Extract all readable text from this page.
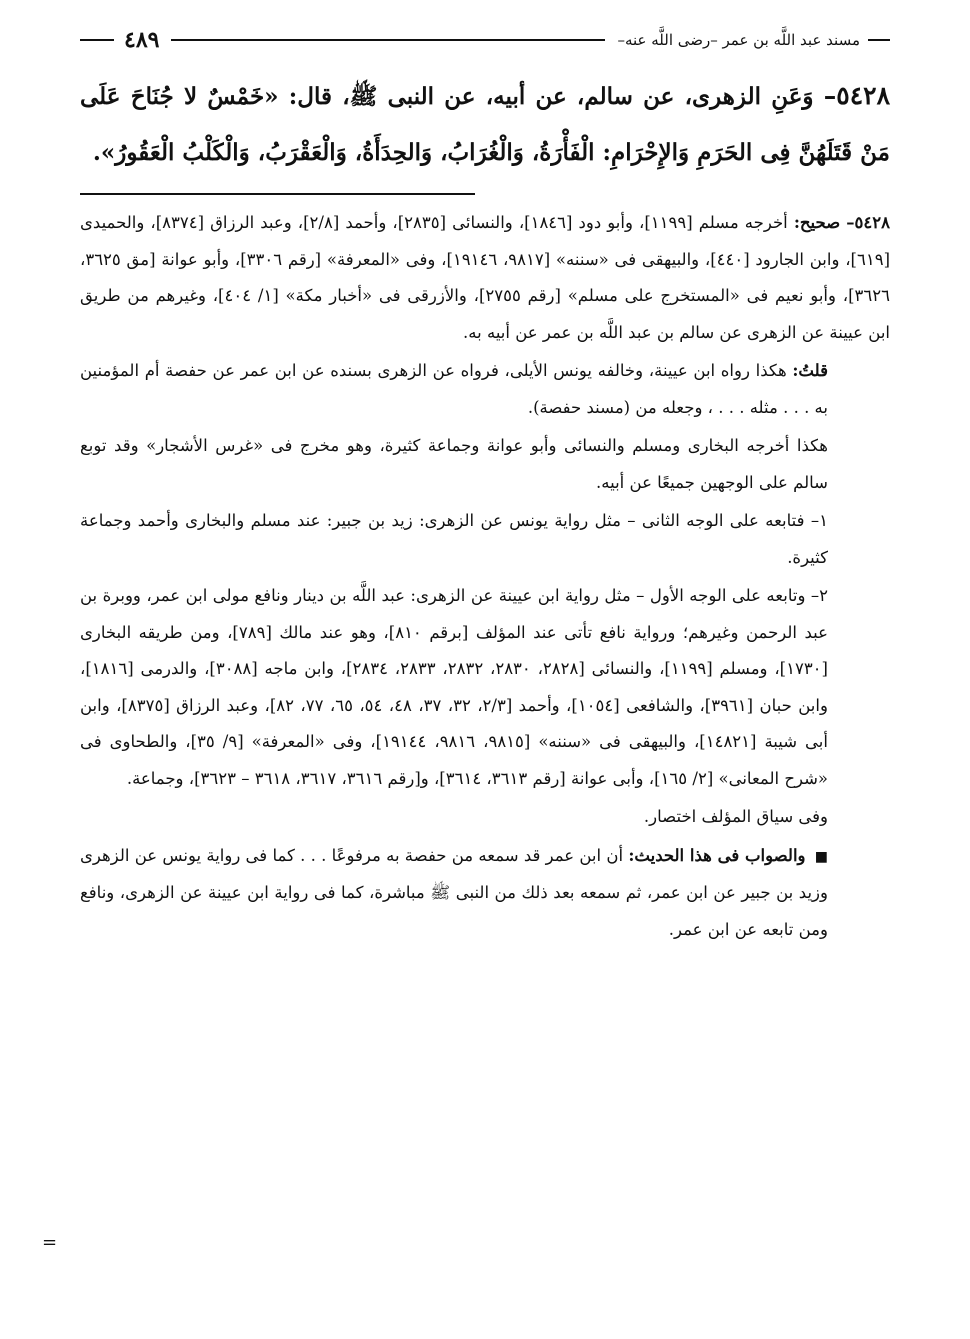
مسند عبد اللَّه بن عمر –رضى اللَّه عنه–
٤٨٩
٥٤٢٨– وَعَنِ الزهرى، عن سالم، عن أبيه، عن النبى ﷺ، قال: «خَمْسٌ لا جُنَاحَ عَلَى مَنْ قَتَلَهُنَّ فِى الحَرَمِ وَالإِحْرَامِ: الْفَأْرَةُ، وَالْغُرَابُ، وَالحِدَأَةُ، وَالْعَقْرَبُ، وَالْكَلْبُ الْعَقُورُ».

٥٤٢٨– صحيح: أخرجه مسلم [١١٩٩]، وأبو دود [١٨٤٦]، والنسائى [٢٨٣٥]، وأحمد [٢/٨]، وعبد الرزاق [٨٣٧٤]، والحميدى [٦١٩]، وابن الجارود [٤٤٠]، والبيهقى فى «سننه» [٩٨١٧، ١٩١٤٦]، وفى «المعرفة» [رقم ٣٣٠٦]، وأبو عوانة [مق ٣٦٢٥، ٣٦٢٦]، وأبو نعيم فى «المستخرج على مسلم» [رقم ٢٧٥٥]، والأزرقى فى «أخبار مكة» [١/ ٤٠٤]، وغيرهم من طريق ابن عيينة عن الزهرى عن سالم بن عبد اللَّه بن عمر عن أبيه به.

قلتُ: هكذا رواه ابن عيينة، وخالفه يونس الأيلى، فرواه عن الزهرى بسنده عن ابن عمر عن حفصة أم المؤمنين به . . . مثله . . . ، وجعله من (مسند حفصة).

هكذا أخرجه البخارى ومسلم والنسائى وأبو عوانة وجماعة كثيرة، وهو مخرج فى «غرس الأشجار» وقد توبع سالم على الوجهين جميعًا عن أبيه.

١– فتابعه على الوجه الثانى – مثل رواية يونس عن الزهرى: زيد بن جبير: عند مسلم والبخارى وأحمد وجماعة كثيرة.

٢– وتابعه على الوجه الأول – مثل رواية ابن عيينة عن الزهرى: عبد اللَّه بن دينار ونافع مولى ابن عمر، ووبرة بن عبد الرحمن وغيرهم؛ ورواية نافع تأتى عند المؤلف [برقم ٨١٠]، وهو عند مالك [٧٨٩]، ومن طريقه البخارى [١٧٣٠]، ومسلم [١١٩٩]، والنسائى [٢٨٢٨، ٢٨٣٠، ٢٨٣٢، ٢٨٣٣، ٢٨٣٤]، وابن ماجه [٣٠٨٨]، والدرمى [١٨١٦]، وابن حبان [٣٩٦١]، والشافعى [١٠٥٤]، وأحمد [٢/٣، ٣٢، ٣٧، ٤٨، ٥٤، ٦٥، ٧٧، ٨٢]، وعبد الرزاق [٨٣٧٥]، وابن أبى شيبة [١٤٨٢١]، والبيهقى فى «سننه» [٩٨١٥، ٩٨١٦، ١٩١٤٤]، وفى «المعرفة» [٩/ ٣٥]، والطحاوى فى «شرح المعانى» [٢/ ١٦٥]، وأبى عوانة [رقم ٣٦١٣، ٣٦١٤]، و[رقم ٣٦١٦، ٣٦١٧، ٣٦١٨ – ٣٦٢٣]، وجماعة.

وفى سياق المؤلف اختصار.

■ والصواب فى هذا الحديث: أن ابن عمر قد سمعه من حفصة به مرفوعًا . . . كما فى رواية يونس عن الزهرى وزيد بن جبير عن ابن عمر، ثم سمعه بعد ذلك من النبى ﷺ مباشرة، كما فى رواية ابن عيينة عن الزهرى، ونافع ومن تابعه عن ابن عمر.

=
